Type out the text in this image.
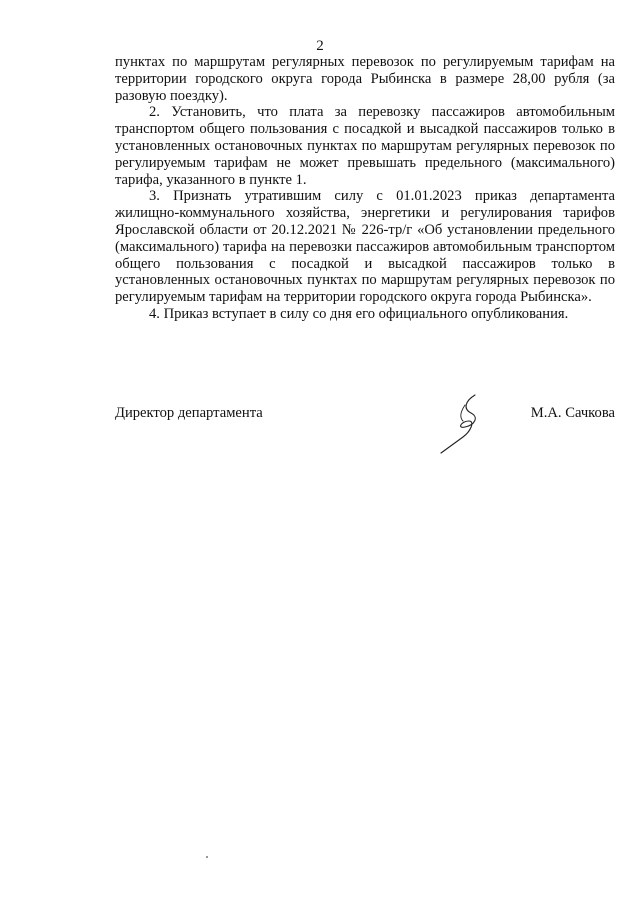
2

пунктах по маршрутам регулярных перевозок по регулируемым тарифам на территории городского округа города Рыбинска в размере 28,00 рубля (за разовую поездку).

2. Установить, что плата за перевозку пассажиров автомобильным транспортом общего пользования с посадкой и высадкой пассажиров только в установленных остановочных пунктах по маршрутам регулярных перевозок по регулируемым тарифам не может превышать предельного (максимального) тарифа, указанного в пункте 1.

3. Признать утратившим силу с 01.01.2023 приказ департамента жилищно-коммунального хозяйства, энергетики и регулирования тарифов Ярославской области от 20.12.2021 № 226-тр/г «Об установлении предельного (максимального) тарифа на перевозки пассажиров автомобильным транспортом общего пользования с посадкой и высадкой пассажиров только в установленных остановочных пунктах по маршрутам регулярных перевозок по регулируемым тарифам на территории городского округа города Рыбинска».

4. Приказ вступает в силу со дня его официального опубликования.

Директор департамента	М.А. Сачкова
